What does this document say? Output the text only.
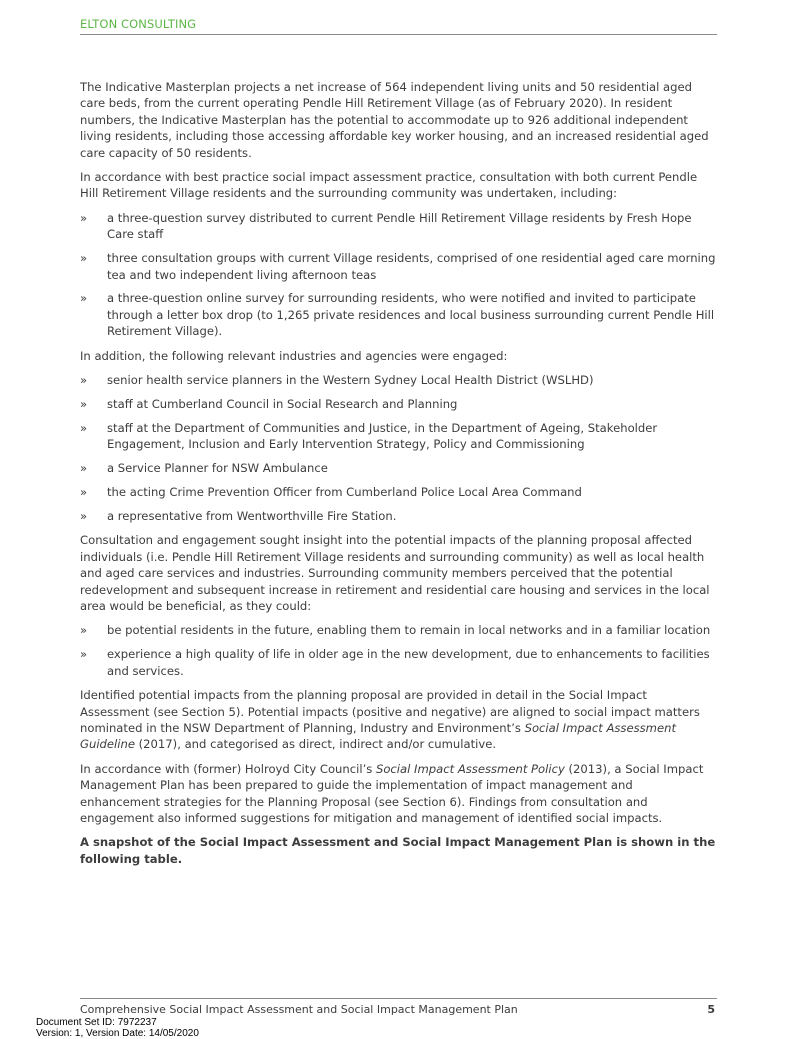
ELTON CONSULTING

The Indicative Masterplan projects a net increase of 564 independent living units and 50 residential aged care beds, from the current operating Pendle Hill Retirement Village (as of February 2020). In resident numbers, the Indicative Masterplan has the potential to accommodate up to 926 additional independent living residents, including those accessing affordable key worker housing, and an increased residential aged care capacity of 50 residents.

In accordance with best practice social impact assessment practice, consultation with both current Pendle Hill Retirement Village residents and the surrounding community was undertaken, including:

» a three-question survey distributed to current Pendle Hill Retirement Village residents by Fresh Hope Care staff
» three consultation groups with current Village residents, comprised of one residential aged care morning tea and two independent living afternoon teas
» a three-question online survey for surrounding residents, who were notified and invited to participate through a letter box drop (to 1,265 private residences and local business surrounding current Pendle Hill Retirement Village).

In addition, the following relevant industries and agencies were engaged:

» senior health service planners in the Western Sydney Local Health District (WSLHD)
» staff at Cumberland Council in Social Research and Planning
» staff at the Department of Communities and Justice, in the Department of Ageing, Stakeholder Engagement, Inclusion and Early Intervention Strategy, Policy and Commissioning
» a Service Planner for NSW Ambulance
» the acting Crime Prevention Officer from Cumberland Police Local Area Command
» a representative from Wentworthville Fire Station.

Consultation and engagement sought insight into the potential impacts of the planning proposal affected individuals (i.e. Pendle Hill Retirement Village residents and surrounding community) as well as local health and aged care services and industries. Surrounding community members perceived that the potential redevelopment and subsequent increase in retirement and residential care housing and services in the local area would be beneficial, as they could:

» be potential residents in the future, enabling them to remain in local networks and in a familiar location
» experience a high quality of life in older age in the new development, due to enhancements to facilities and services.

Identified potential impacts from the planning proposal are provided in detail in the Social Impact Assessment (see Section 5). Potential impacts (positive and negative) are aligned to social impact matters nominated in the NSW Department of Planning, Industry and Environment’s Social Impact Assessment Guideline (2017), and categorised as direct, indirect and/or cumulative.

In accordance with (former) Holroyd City Council’s Social Impact Assessment Policy (2013), a Social Impact Management Plan has been prepared to guide the implementation of impact management and enhancement strategies for the Planning Proposal (see Section 6). Findings from consultation and engagement also informed suggestions for mitigation and management of identified social impacts.

A snapshot of the Social Impact Assessment and Social Impact Management Plan is shown in the following table.

Comprehensive Social Impact Assessment and Social Impact Management Plan	5
Document Set ID: 7972237
Version: 1, Version Date: 14/05/2020
